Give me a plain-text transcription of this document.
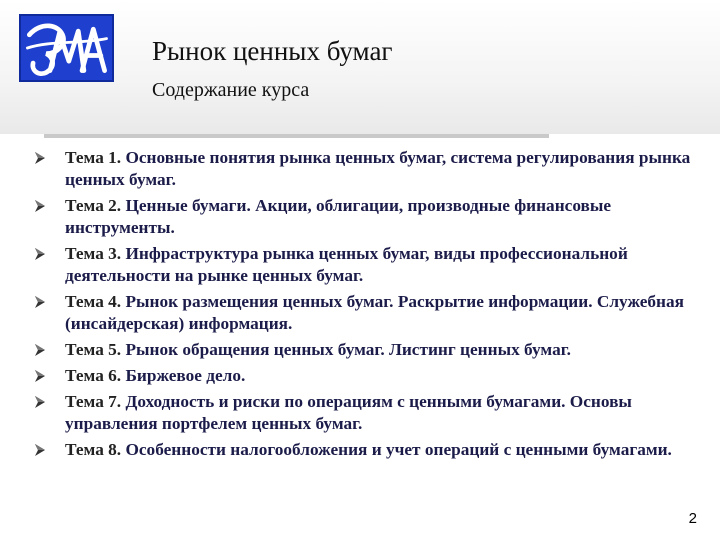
Рынок ценных бумаг
Содержание курса
Тема 1. Основные понятия рынка ценных бумаг, система регулирования рынка ценных бумаг.
Тема 2. Ценные бумаги. Акции, облигации, производные финансовые инструменты.
Тема 3. Инфраструктура рынка ценных бумаг, виды профессиональной деятельности на рынке ценных бумаг.
Тема 4. Рынок размещения ценных бумаг. Раскрытие информации. Служебная (инсайдерская) информация.
Тема 5. Рынок обращения ценных бумаг. Листинг ценных бумаг.
Тема 6. Биржевое дело.
Тема 7. Доходность и риски по операциям с ценными бумагами. Основы управления портфелем ценных бумаг.
Тема 8. Особенности налогообложения и учет операций с ценными бумагами.
2
